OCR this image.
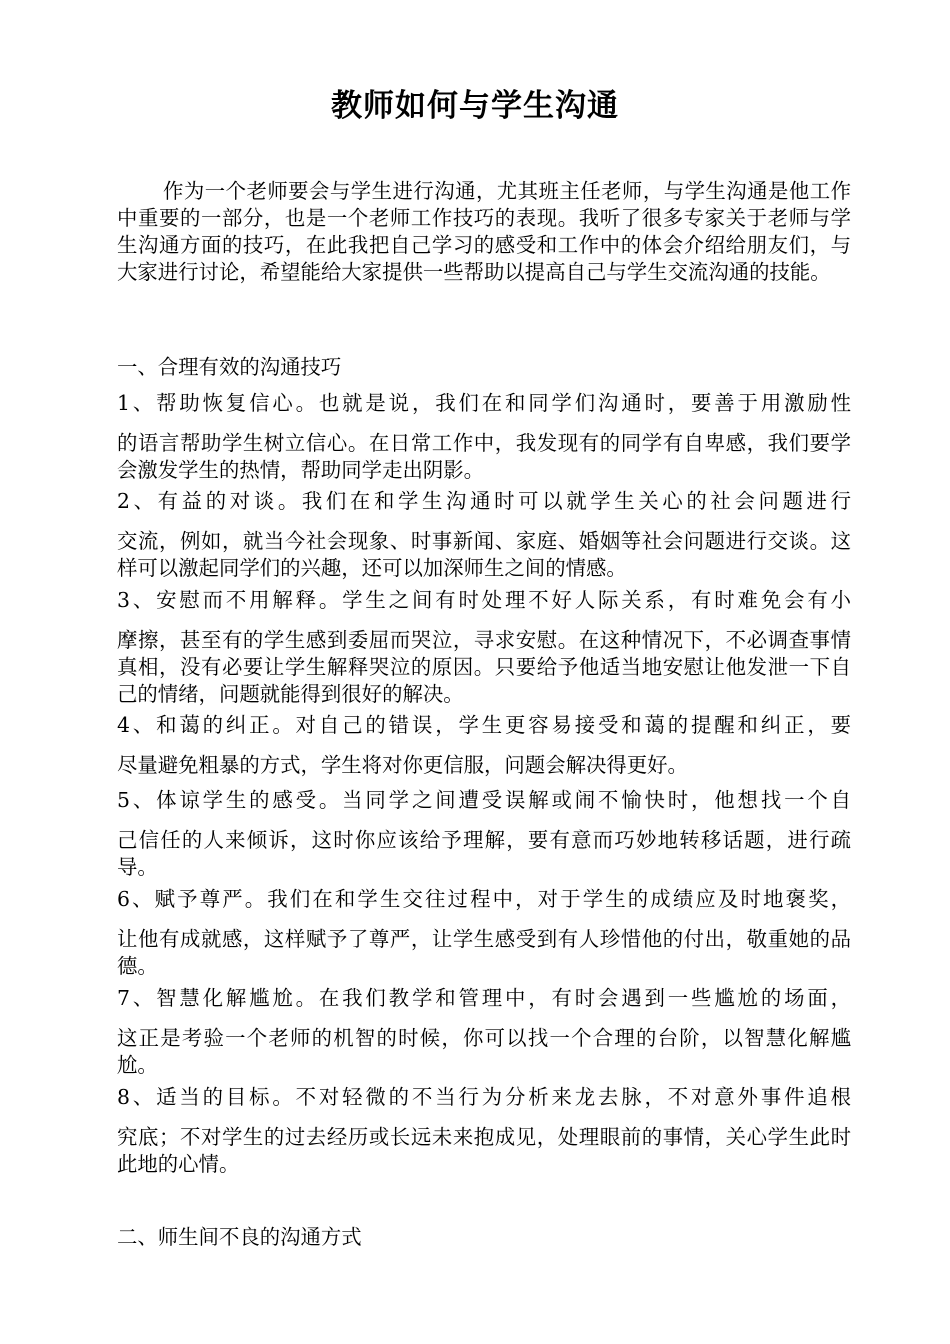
教师如何与学生沟通

作为一个老师要会与学生进行沟通，尤其班主任老师，与学生沟通是他工作中重要的一部分，也是一个老师工作技巧的表现。我听了很多专家关于老师与学生沟通方面的技巧，在此我把自己学习的感受和工作中的体会介绍给朋友们，与大家进行讨论，希望能给大家提供一些帮助以提高自己与学生交流沟通的技能。

一、合理有效的沟通技巧

1、帮助恢复信心。也就是说，我们在和同学们沟通时，要善于用激励性
的语言帮助学生树立信心。在日常工作中，我发现有的同学有自卑感，我们要学会激发学生的热情，帮助同学走出阴影。
2、有益的对谈。我们在和学生沟通时可以就学生关心的社会问题进行
交流，例如，就当今社会现象、时事新闻、家庭、婚姻等社会问题进行交谈。这样可以激起同学们的兴趣，还可以加深师生之间的情感。
3、安慰而不用解释。学生之间有时处理不好人际关系，有时难免会有小
摩擦，甚至有的学生感到委屈而哭泣，寻求安慰。在这种情况下，不必调查事情真相，没有必要让学生解释哭泣的原因。只要给予他适当地安慰让他发泄一下自己的情绪，问题就能得到很好的解决。
4、和蔼的纠正。对自己的错误，学生更容易接受和蔼的提醒和纠正，要
尽量避免粗暴的方式，学生将对你更信服，问题会解决得更好。
5、体谅学生的感受。当同学之间遭受误解或闹不愉快时，他想找一个自
己信任的人来倾诉，这时你应该给予理解，要有意而巧妙地转移话题，进行疏导。
6、赋予尊严。我们在和学生交往过程中，对于学生的成绩应及时地褒奖，
让他有成就感，这样赋予了尊严，让学生感受到有人珍惜他的付出，敬重她的品德。
7、智慧化解尴尬。在我们教学和管理中，有时会遇到一些尴尬的场面，
这正是考验一个老师的机智的时候，你可以找一个合理的台阶，以智慧化解尴尬。
8、适当的目标。不对轻微的不当行为分析来龙去脉，不对意外事件追根
究底；不对学生的过去经历或长远未来抱成见，处理眼前的事情，关心学生此时此地的心情。

二、师生间不良的沟通方式
